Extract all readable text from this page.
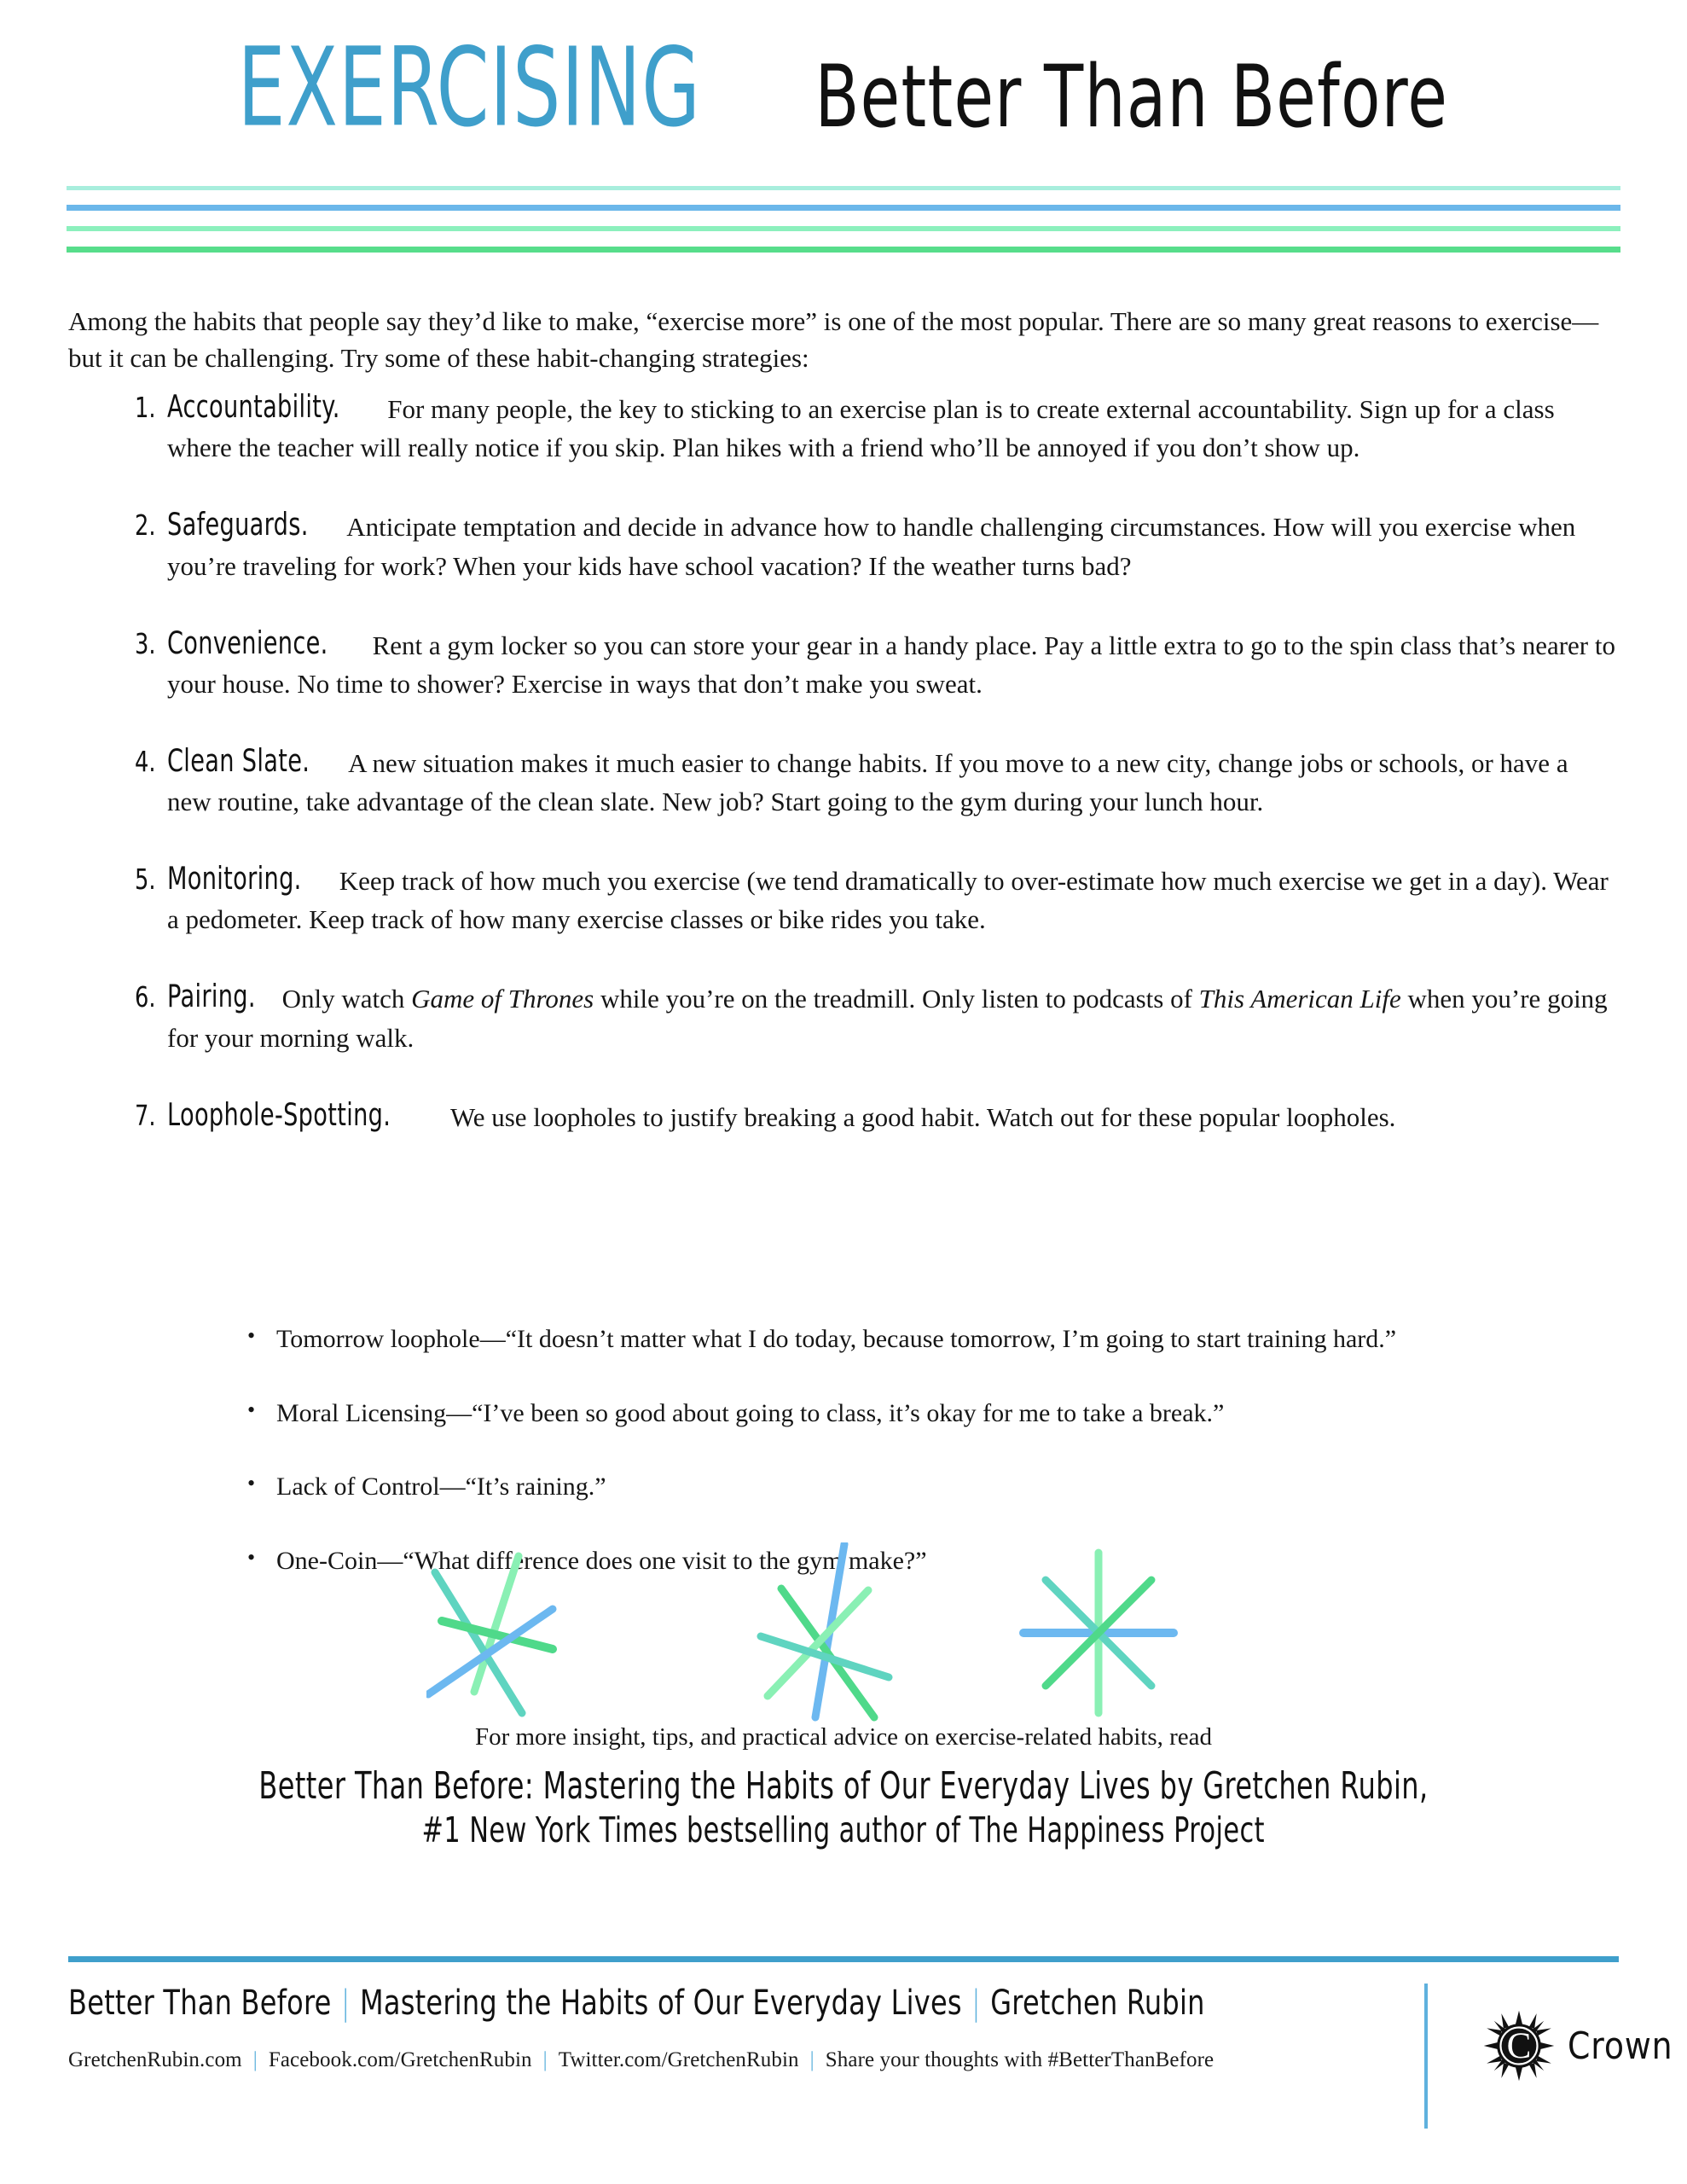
EXERCISING Better Than Before

Among the habits that people say they’d like to make, “exercise more” is one of the most popular. There are so many great reasons to exercise—but it can be challenging. Try some of these habit-changing strategies:

1. Accountability. For many people, the key to sticking to an exercise plan is to create external accountability. Sign up for a class where the teacher will really notice if you skip. Plan hikes with a friend who’ll be annoyed if you don’t show up.
2. Safeguards. Anticipate temptation and decide in advance how to handle challenging circumstances. How will you exercise when you’re traveling for work? When your kids have school vacation? If the weather turns bad?
3. Convenience. Rent a gym locker so you can store your gear in a handy place. Pay a little extra to go to the spin class that’s nearer to your house. No time to shower? Exercise in ways that don’t make you sweat.
4. Clean Slate. A new situation makes it much easier to change habits. If you move to a new city, change jobs or schools, or have a new routine, take advantage of the clean slate. New job? Start going to the gym during your lunch hour.
5. Monitoring. Keep track of how much you exercise (we tend dramatically to over-estimate how much exercise we get in a day). Wear a pedometer. Keep track of how many exercise classes or bike rides you take.
6. Pairing. Only watch Game of Thrones while you’re on the treadmill. Only listen to podcasts of This American Life when you’re going for your morning walk.
7. Loophole-Spotting. We use loopholes to justify breaking a good habit. Watch out for these popular loopholes.
• Tomorrow loophole—“It doesn’t matter what I do today, because tomorrow, I’m going to start training hard.”
• Moral Licensing—“I’ve been so good about going to class, it’s okay for me to take a break.”
• Lack of Control—“It’s raining.”
• One-Coin—“What difference does one visit to the gym make?”
For more insight, tips, and practical advice on exercise-related habits, read
Better Than Before: Mastering the Habits of Our Everyday Lives by Gretchen Rubin,
#1 New York Times bestselling author of The Happiness Project
Better Than Before | Mastering the Habits of Our Everyday Lives | Gretchen Rubin
GretchenRubin.com | Facebook.com/GretchenRubin | Twitter.com/GretchenRubin | Share your thoughts with #BetterThanBefore	C Crown
